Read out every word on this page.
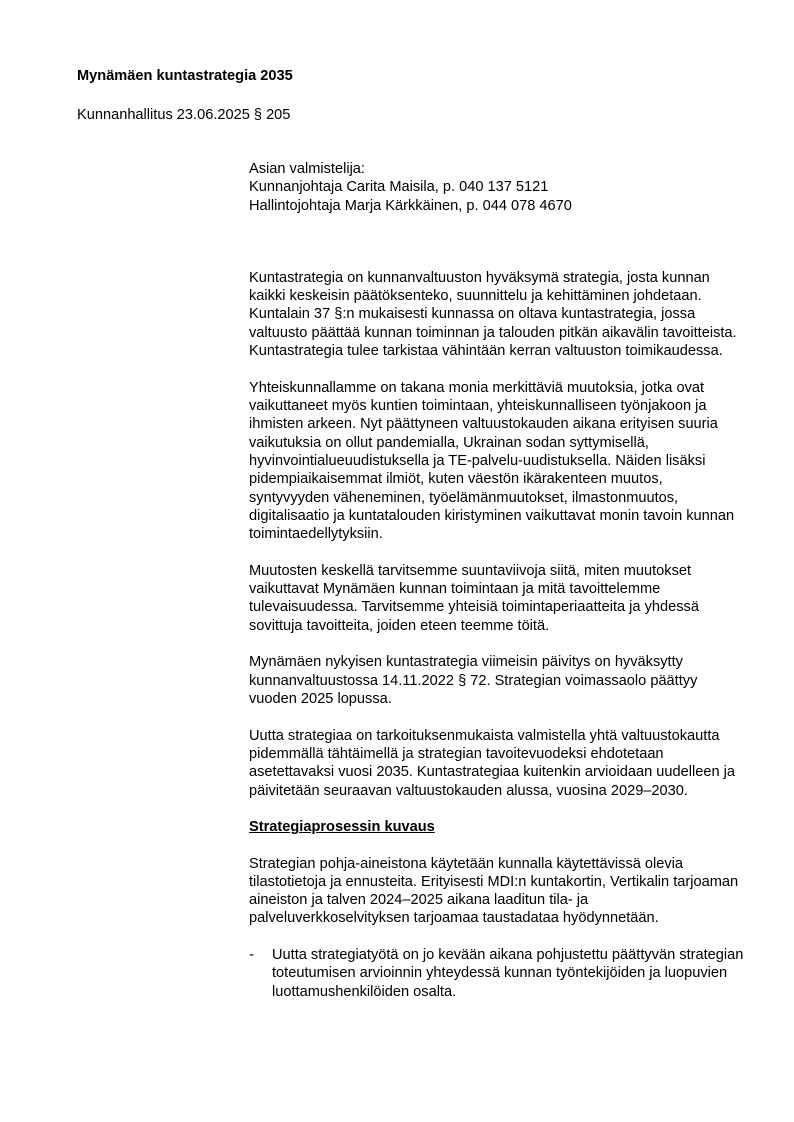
Mynämäen kuntastrategia 2035

Kunnanhallitus 23.06.2025 § 205

Asian valmistelija:

Kunnanjohtaja Carita Maisila, p. 040 137 5121

Hallintojohtaja Marja Kärkkäinen, p. 044 078 4670

Kuntastrategia on kunnanvaltuuston hyväksymä strategia, josta kunnan kaikki keskeisin päätöksenteko, suunnittelu ja kehittäminen johdetaan. Kuntalain 37 §:n mukaisesti kunnassa on oltava kuntastrategia, jossa valtuusto päättää kunnan toiminnan ja talouden pitkän aikavälin tavoitteista. Kuntastrategia tulee tarkistaa vähintään kerran valtuuston toimikaudessa.

Yhteiskunnallamme on takana monia merkittäviä muutoksia, jotka ovat vaikuttaneet myös kuntien toimintaan, yhteiskunnalliseen työnjakoon ja ihmisten arkeen. Nyt päättyneen valtuustokauden aikana erityisen suuria vaikutuksia on ollut pandemialla, Ukrainan sodan syttymisellä, hyvinvointialueuudistuksella ja TE-palvelu-uudistuksella. Näiden lisäksi pidempiaikaisemmat ilmiöt, kuten väestön ikärakenteen muutos, syntyvyyden väheneminen, työelämänmuutokset, ilmastonmuutos, digitalisaatio ja kuntatalouden kiristyminen vaikuttavat monin tavoin kunnan toimintaedellytyksiin.

Muutosten keskellä tarvitsemme suuntaviivoja siitä, miten muutokset vaikuttavat Mynämäen kunnan toimintaan ja mitä tavoittelemme tulevaisuudessa. Tarvitsemme yhteisiä toimintaperiaatteita ja yhdessä sovittuja tavoitteita, joiden eteen teemme töitä.

Mynämäen nykyisen kuntastrategia viimeisin päivitys on hyväksytty kunnanvaltuustossa 14.11.2022 § 72. Strategian voimassaolo päättyy vuoden 2025 lopussa.

Uutta strategiaa on tarkoituksenmukaista valmistella yhtä valtuustokautta pidemmällä tähtäimellä ja strategian tavoitevuodeksi ehdotetaan asetettavaksi vuosi 2035. Kuntastrategiaa kuitenkin arvioidaan uudelleen ja päivitetään seuraavan valtuustokauden alussa, vuosina 2029–2030.

Strategiaprosessin kuvaus

Strategian pohja-aineistona käytetään kunnalla käytettävissä olevia tilastotietoja ja ennusteita. Erityisesti MDI:n kuntakortin, Vertikalin tarjoaman aineiston ja talven 2024–2025 aikana laaditun tila- ja palveluverkkoselvityksen tarjoamaa taustadataa hyödynnetään.

-	Uutta strategiatyötä on jo kevään aikana pohjustettu päättyvän strategian toteutumisen arvioinnin yhteydessä kunnan työntekijöiden ja luopuvien luottamushenkilöiden osalta.
